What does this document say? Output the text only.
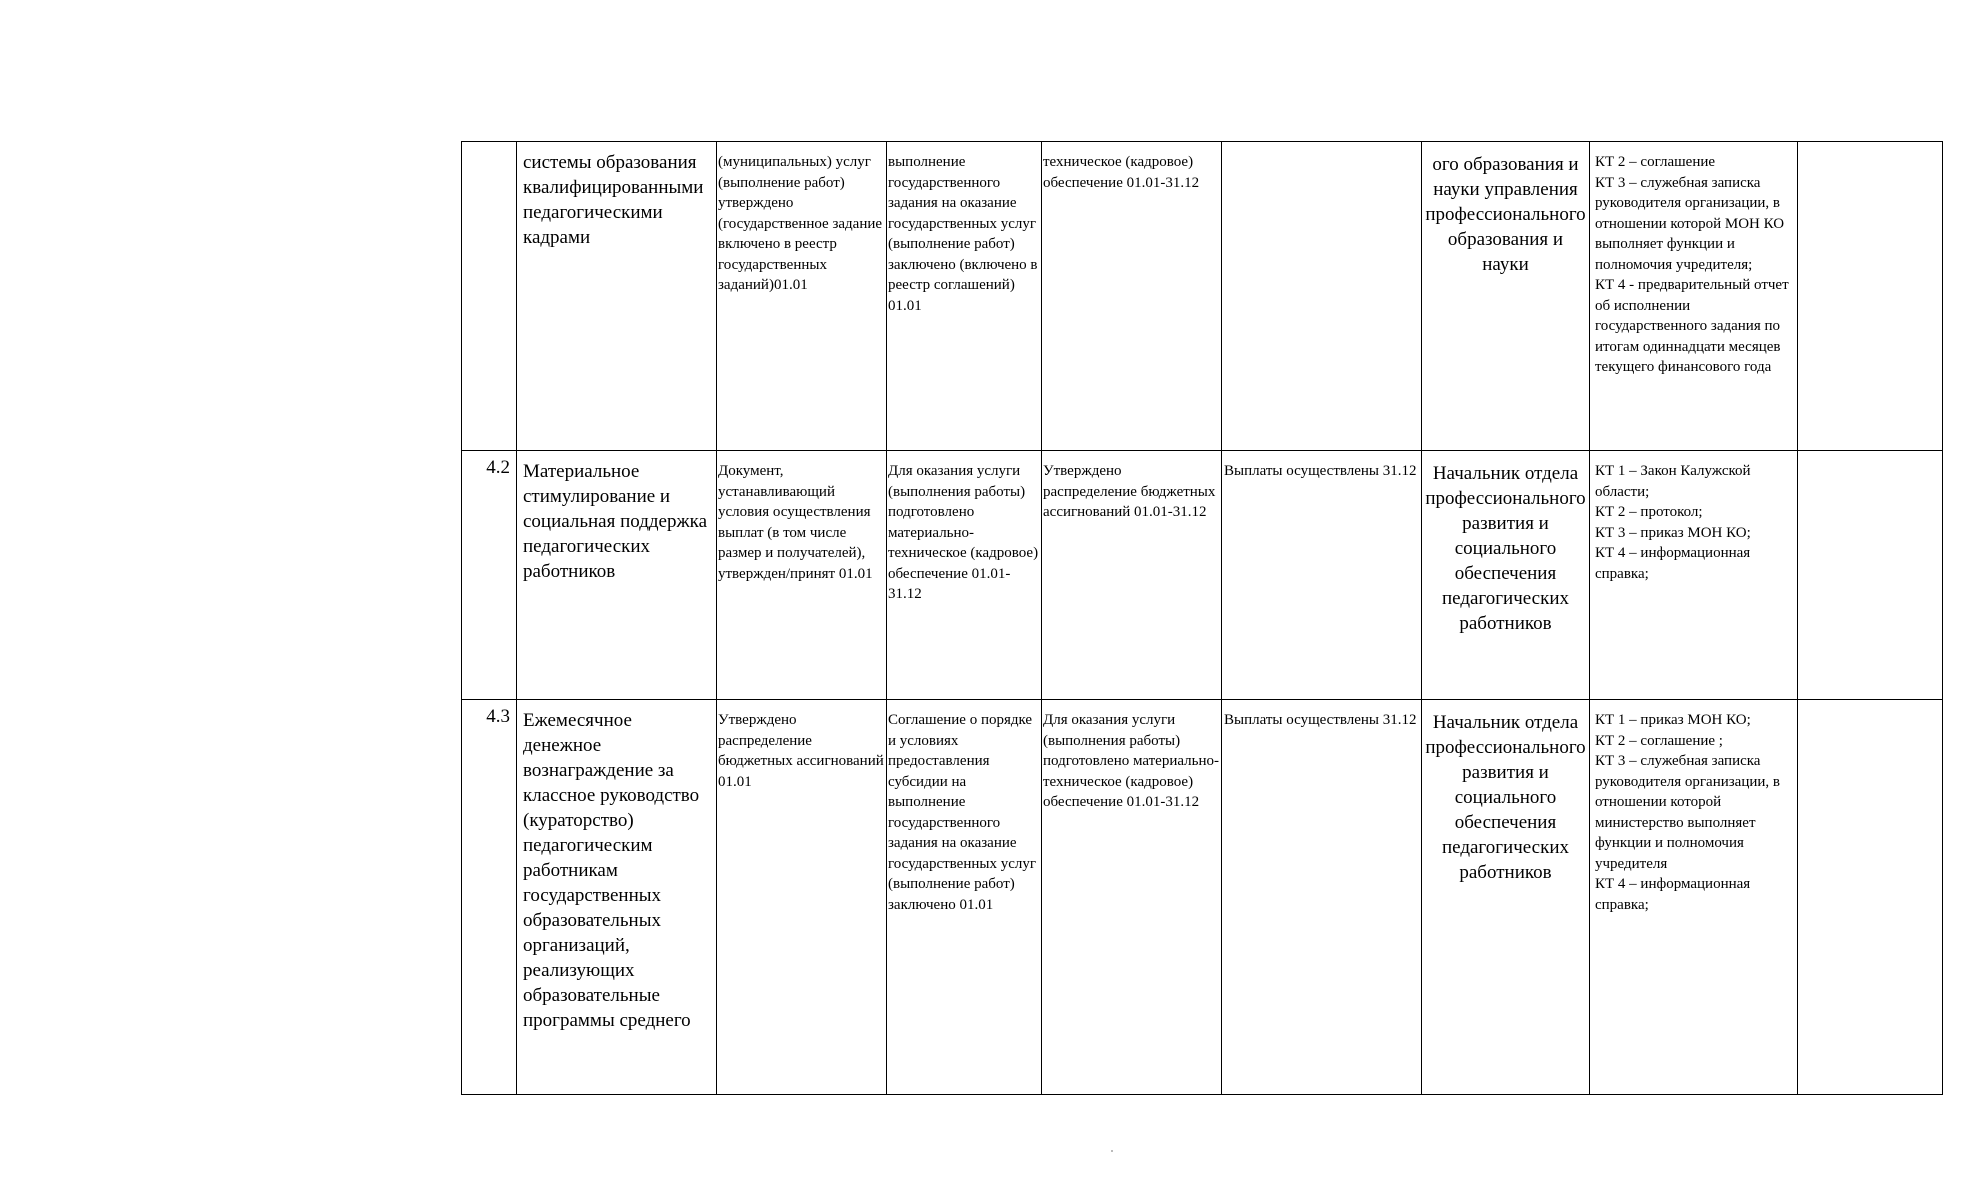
	системы образования квалифицированными педагогическими кадрами	(муниципальных) услуг (выполнение работ) утверждено (государственное задание включено в реестр государственных заданий)01.01	выполнение государственного задания на оказание государственных услуг (выполнение работ) заключено (включено в реестр соглашений) 01.01	техническое (кадровое) обеспечение 01.01-31.12		ого образования и науки управления профессионального образования и науки	КТ 2 – соглашение
КТ 3 – служебная записка руководителя организации, в отношении которой МОН КО выполняет функции и полномочия учредителя;
КТ 4 - предварительный отчет об исполнении государственного задания по итогам одиннадцати месяцев текущего финансового года	

4.2	Материальное стимулирование и социальная поддержка педагогических работников	Документ, устанавливающий условия осуществления выплат (в том числе размер и получателей), утвержден/принят 01.01	Для оказания услуги (выполнения работы) подготовлено материально-техническое (кадровое) обеспечение 01.01-31.12	Утверждено распределение бюджетных ассигнований 01.01-31.12	Выплаты осуществлены 31.12	Начальник отдела профессионального развития и социального обеспечения педагогических работников	КТ 1 – Закон Калужской области;
КТ 2 – протокол;
КТ 3 – приказ МОН КО;
КТ 4 – информационная справка;	

4.3	Ежемесячное денежное вознаграждение за классное руководство (кураторство) педагогическим работникам государственных образовательных организаций, реализующих образовательные программы среднего	Утверждено распределение бюджетных ассигнований 01.01	Соглашение о порядке и условиях предоставления субсидии на выполнение государственного задания на оказание государственных услуг (выполнение работ) заключено 01.01	Для оказания услуги (выполнения работы) подготовлено материально-техническое (кадровое) обеспечение 01.01-31.12	Выплаты осуществлены 31.12	Начальник отдела профессионального развития и социального обеспечения педагогических работников	КТ 1 – приказ МОН КО;
КТ 2 – соглашение ;
КТ 3 – служебная записка руководителя организации, в отношении которой министерство выполняет функции и полномочия учредителя
КТ 4 – информационная справка;	
